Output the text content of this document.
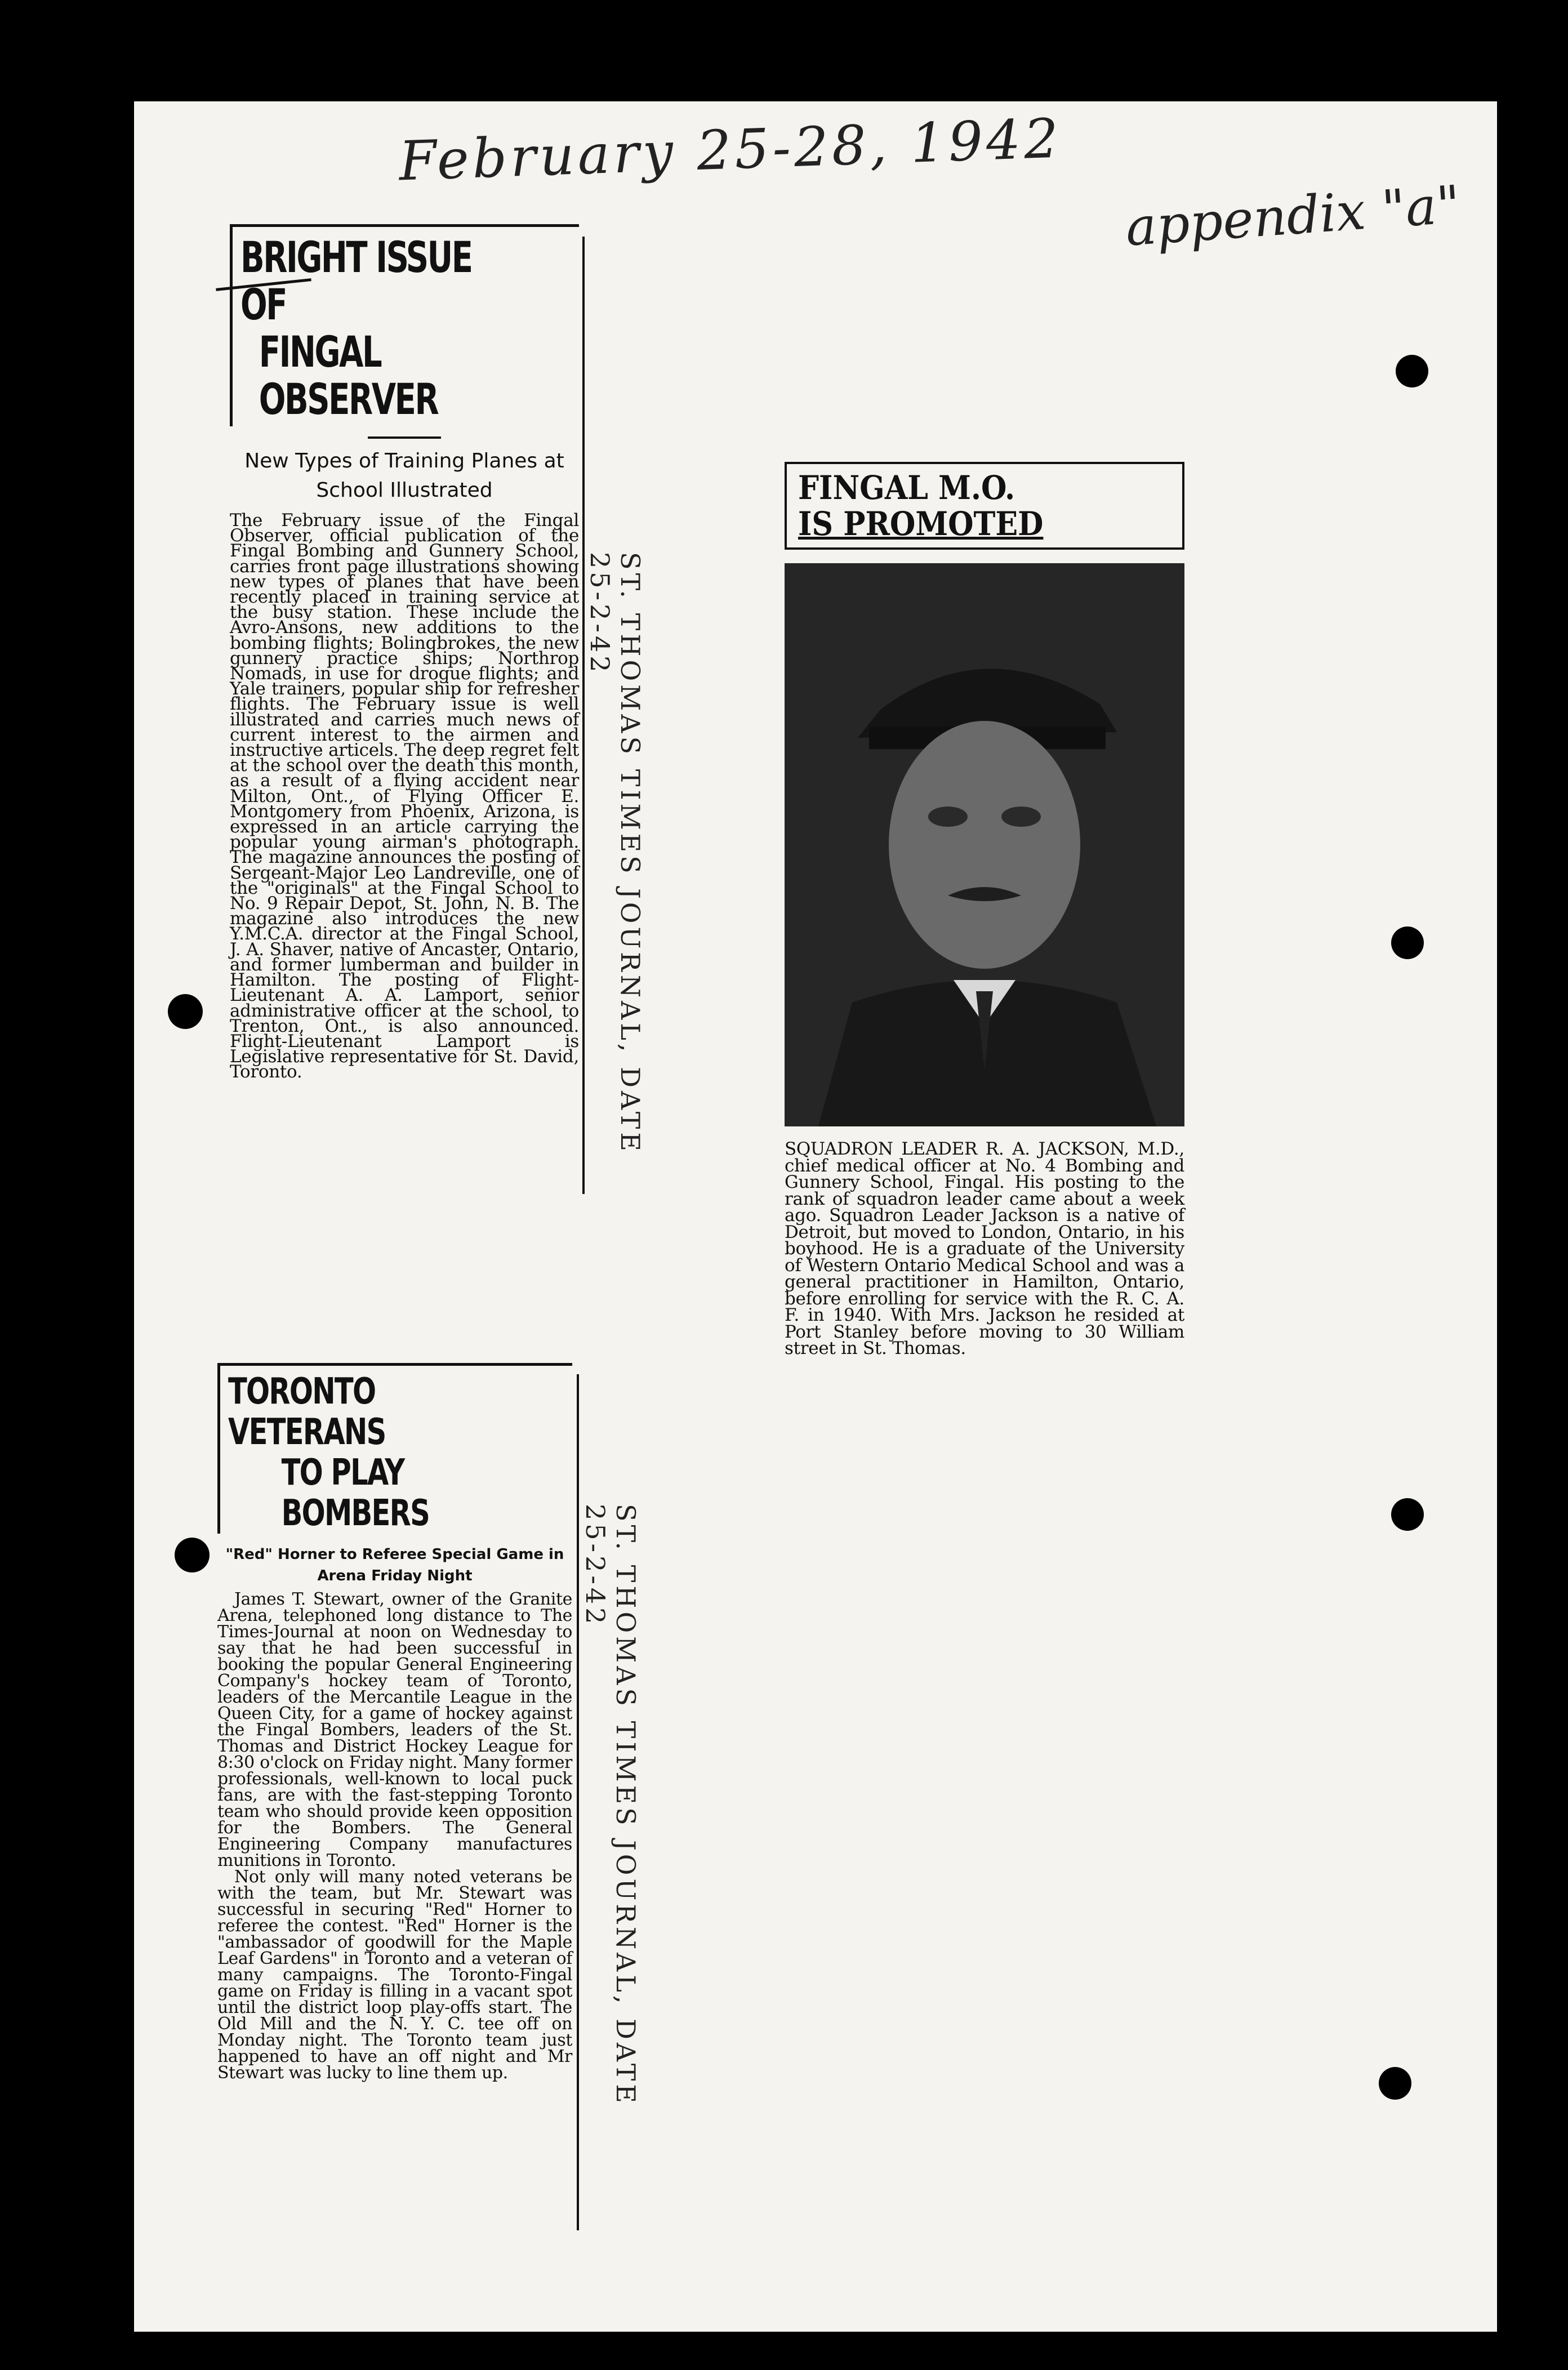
February 25-28, 1942
appendix "a"
BRIGHT ISSUE OF
FINGAL OBSERVER
New Types of Training Planes at School Illustrated

The February issue of the Fingal Observer, official publication of the Fingal Bombing and Gunnery School, carries front page illustrations showing new types of planes that have been recently placed in training service at the busy station. These include the Avro-Ansons, new additions to the bombing flights; Bolingbrokes, the new gunnery practice ships; Northrop Nomads, in use for drogue flights; and Yale trainers, popular ship for refresher flights. The February issue is well illustrated and carries much news of current interest to the airmen and instructive articels. The deep regret felt at the school over the death this month, as a result of a flying accident near Milton, Ont., of Flying Officer E. Montgomery from Phoenix, Arizona, is expressed in an article carrying the popular young airman's photograph. The magazine announces the posting of Sergeant-Major Leo Landreville, one of the "originals" at the Fingal School to No. 9 Repair Depot, St. John, N. B. The magazine also introduces the new Y.M.C.A. director at the Fingal School, J. A. Shaver, native of Ancaster, Ontario, and former lumberman and builder in Hamilton. The posting of Flight-Lieutenant A. A. Lamport, senior administrative officer at the school, to Trenton, Ont., is also announced. Flight-Lieutenant Lamport is Legislative representative for St. David, Toronto.	ST. THOMAS TIMES JOURNAL, DATE 25-2-42
FINGAL M.O.
IS PROMOTED

SQUADRON LEADER R. A. JACKSON, M.D., chief medical officer at No. 4 Bombing and Gunnery School, Fingal. His posting to the rank of squadron leader came about a week ago. Squadron Leader Jackson is a native of Detroit, but moved to London, Ontario, in his boyhood. He is a graduate of the University of Western Ontario Medical School and was a general practitioner in Hamilton, Ontario, before enrolling for service with the R. C. A. F. in 1940. With Mrs. Jackson he resided at Port Stanley before moving to 30 William street in St. Thomas.

TORONTO VETERANS
TO PLAY BOMBERS
"Red" Horner to Referee Special Game in Arena Friday Night

James T. Stewart, owner of the Granite Arena, telephoned long distance to The Times-Journal at noon on Wednesday to say that he had been successful in booking the popular General Engineering Company's hockey team of Toronto, leaders of the Mercantile League in the Queen City, for a game of hockey against the Fingal Bombers, leaders of the St. Thomas and District Hockey League for 8:30 o'clock on Friday night. Many former professionals, well-known to local puck fans, are with the fast-stepping Toronto team who should provide keen opposition for the Bombers. The General Engineering Company manufactures munitions in Toronto.

Not only will many noted veterans be with the team, but Mr. Stewart was successful in securing "Red" Horner to referee the contest. "Red" Horner is the "ambassador of goodwill for the Maple Leaf Gardens" in Toronto and a veteran of many campaigns. The Toronto-Fingal game on Friday is filling in a vacant spot until the district loop play-offs start. The Old Mill and the N. Y. C. tee off on Monday night. The Toronto team just happened to have an off night and Mr Stewart was lucky to line them up.	ST. THOMAS TIMES JOURNAL, DATE 25-2-42
